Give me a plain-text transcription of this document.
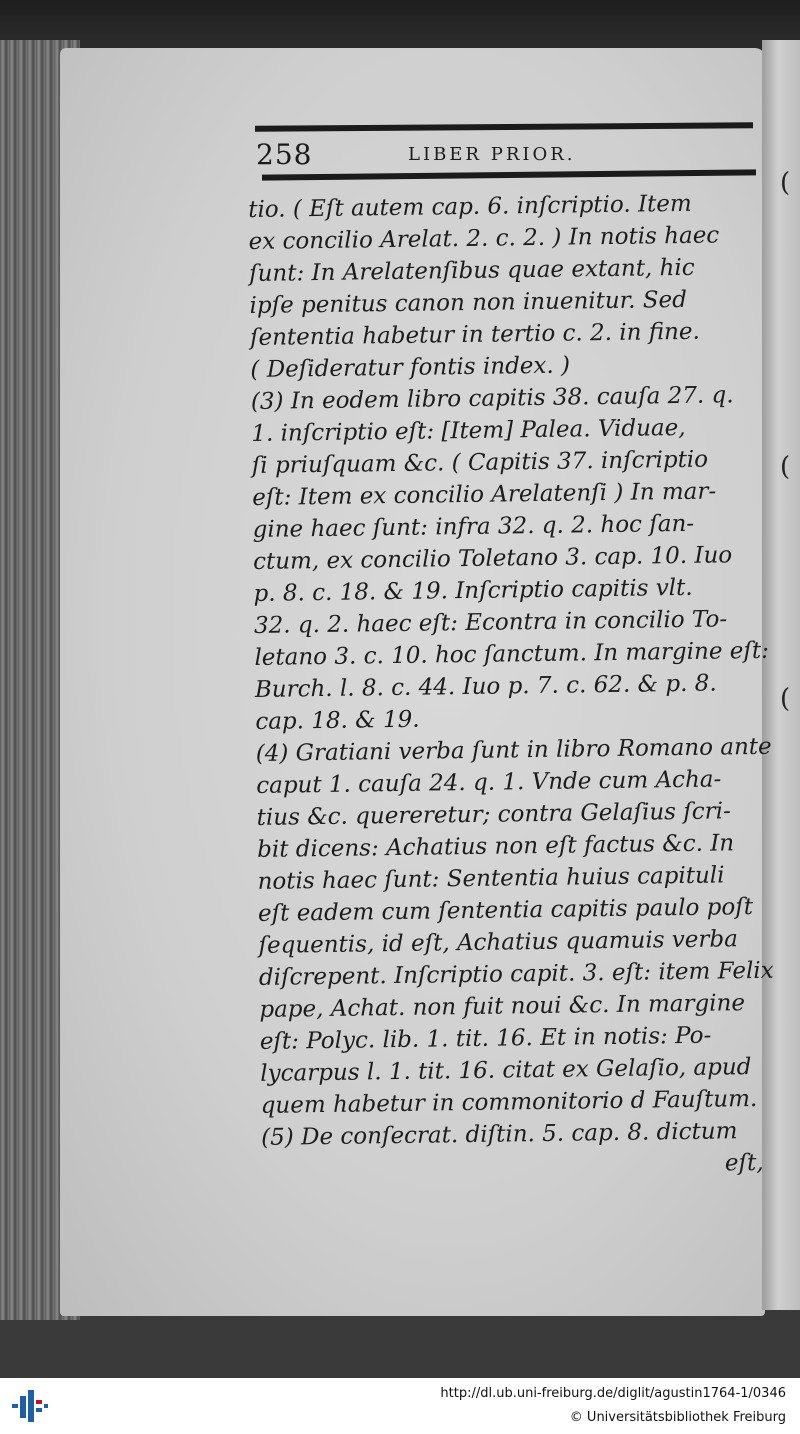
(
(
(
258	LIBER PRIOR.
tio. ( Eſt autem cap. 6. inſcriptio. Item
ex concilio Arelat. 2. c. 2. ) In notis haec
ſunt: In Arelatenſibus quae extant, hic
ipſe penitus canon non inuenitur. Sed
ſententia habetur in tertio c. 2. in fine.
( Deſideratur fontis index. )
(3) In eodem libro capitis 38. cauſa 27. q.
1. inſcriptio eſt: [Item] Palea. Viduae,
ſi priuſquam &c. ( Capitis 37. inſcriptio
eſt: Item ex concilio Arelatenſi ) In mar-
gine haec ſunt: infra 32. q. 2. hoc ſan-
ctum, ex concilio Toletano 3. cap. 10. Iuo
p. 8. c. 18. & 19. Inſcriptio capitis vlt.
32. q. 2. haec eſt: Econtra in concilio To-
letano 3. c. 10. hoc ſanctum. In margine eſt:
Burch. l. 8. c. 44. Iuo p. 7. c. 62. & p. 8.
cap. 18. & 19.
(4) Gratiani verba ſunt in libro Romano ante
caput 1. cauſa 24. q. 1. Vnde cum Acha-
tius &c. quereretur; contra Gelaſius ſcri-
bit dicens: Achatius non eſt factus &c. In
notis haec ſunt: Sententia huius capituli
eſt eadem cum ſententia capitis paulo poſt
ſequentis, id eſt, Achatius quamuis verba
diſcrepent. Inſcriptio capit. 3. eſt: item Felix
pape, Achat. non fuit noui &c. In margine
eſt: Polyc. lib. 1. tit. 16. Et in notis: Po-
lycarpus l. 1. tit. 16. citat ex Gelaſio, apud
quem habetur in commonitorio d Fauſtum.
(5) De conſecrat. diſtin. 5. cap. 8. dictum
eſt,
http://dl.ub.uni-freiburg.de/diglit/agustin1764-1/0346
© Universitätsbibliothek Freiburg
